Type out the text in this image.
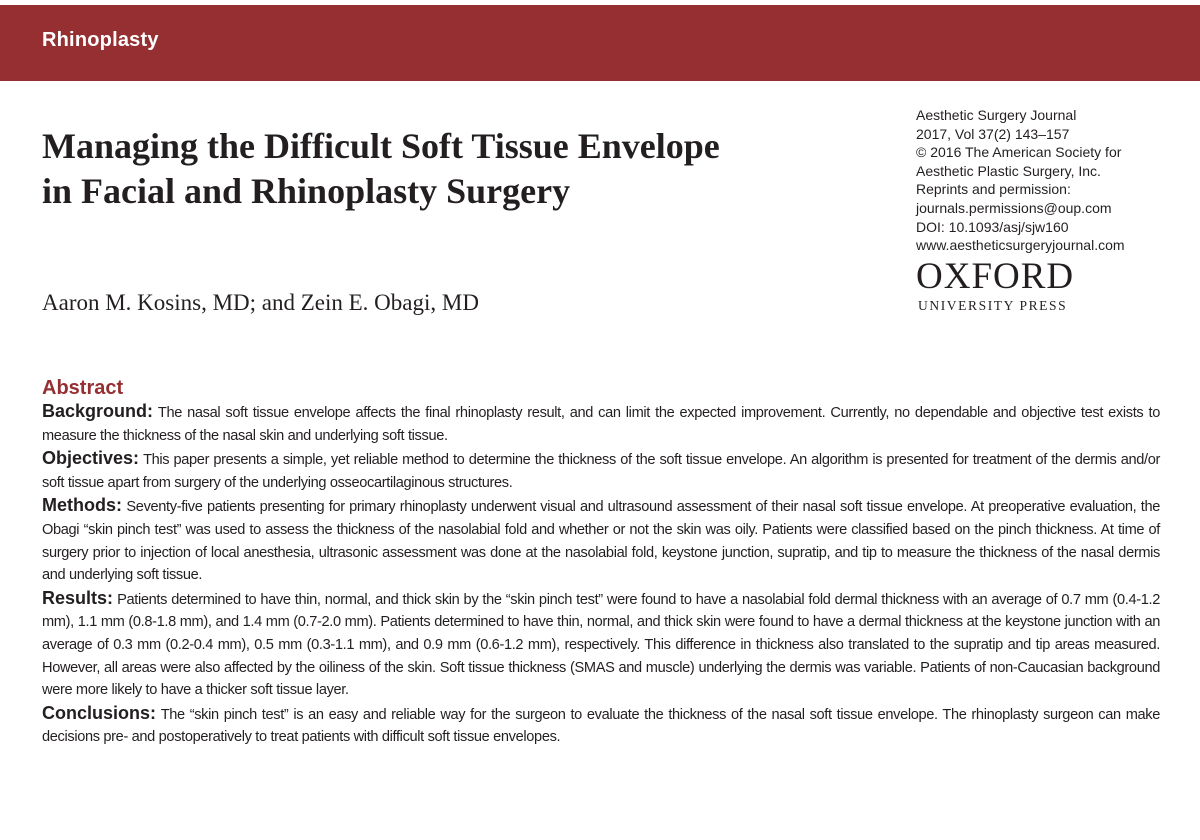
Rhinoplasty
Managing the Difficult Soft Tissue Envelope
in Facial and Rhinoplasty Surgery
Aaron M. Kosins, MD; and Zein E. Obagi, MD
Aesthetic Surgery Journal
2017, Vol 37(2) 143–157
© 2016 The American Society for
Aesthetic Plastic Surgery, Inc.
Reprints and permission:
journals.permissions@oup.com
DOI: 10.1093/asj/sjw160
www.aestheticsurgeryjournal.com
OXFORD
UNIVERSITY PRESS
Abstract

Background: The nasal soft tissue envelope affects the final rhinoplasty result, and can limit the expected improvement. Currently, no dependable and objective test exists to measure the thickness of the nasal skin and underlying soft tissue.

Objectives: This paper presents a simple, yet reliable method to determine the thickness of the soft tissue envelope. An algorithm is presented for treatment of the dermis and/or soft tissue apart from surgery of the underlying osseocartilaginous structures.

Methods: Seventy-five patients presenting for primary rhinoplasty underwent visual and ultrasound assessment of their nasal soft tissue envelope. At preoperative evaluation, the Obagi “skin pinch test” was used to assess the thickness of the nasolabial fold and whether or not the skin was oily. Patients were classified based on the pinch thickness. At time of surgery prior to injection of local anesthesia, ultrasonic assessment was done at the nasolabial fold, keystone junction, supratip, and tip to measure the thickness of the nasal dermis and underlying soft tissue.

Results: Patients determined to have thin, normal, and thick skin by the “skin pinch test” were found to have a nasolabial fold dermal thickness with an average of 0.7 mm (0.4-1.2 mm), 1.1 mm (0.8-1.8 mm), and 1.4 mm (0.7-2.0 mm). Patients determined to have thin, normal, and thick skin were found to have a dermal thickness at the keystone junction with an average of 0.3 mm (0.2-0.4 mm), 0.5 mm (0.3-1.1 mm), and 0.9 mm (0.6-1.2 mm), respectively. This difference in thickness also translated to the supratip and tip areas measured. However, all areas were also affected by the oiliness of the skin. Soft tissue thickness (SMAS and muscle) underlying the dermis was variable. Patients of non-Caucasian background were more likely to have a thicker soft tissue layer.

Conclusions: The “skin pinch test” is an easy and reliable way for the surgeon to evaluate the thickness of the nasal soft tissue envelope. The rhinoplasty surgeon can make decisions pre- and postoperatively to treat patients with difficult soft tissue envelopes.
